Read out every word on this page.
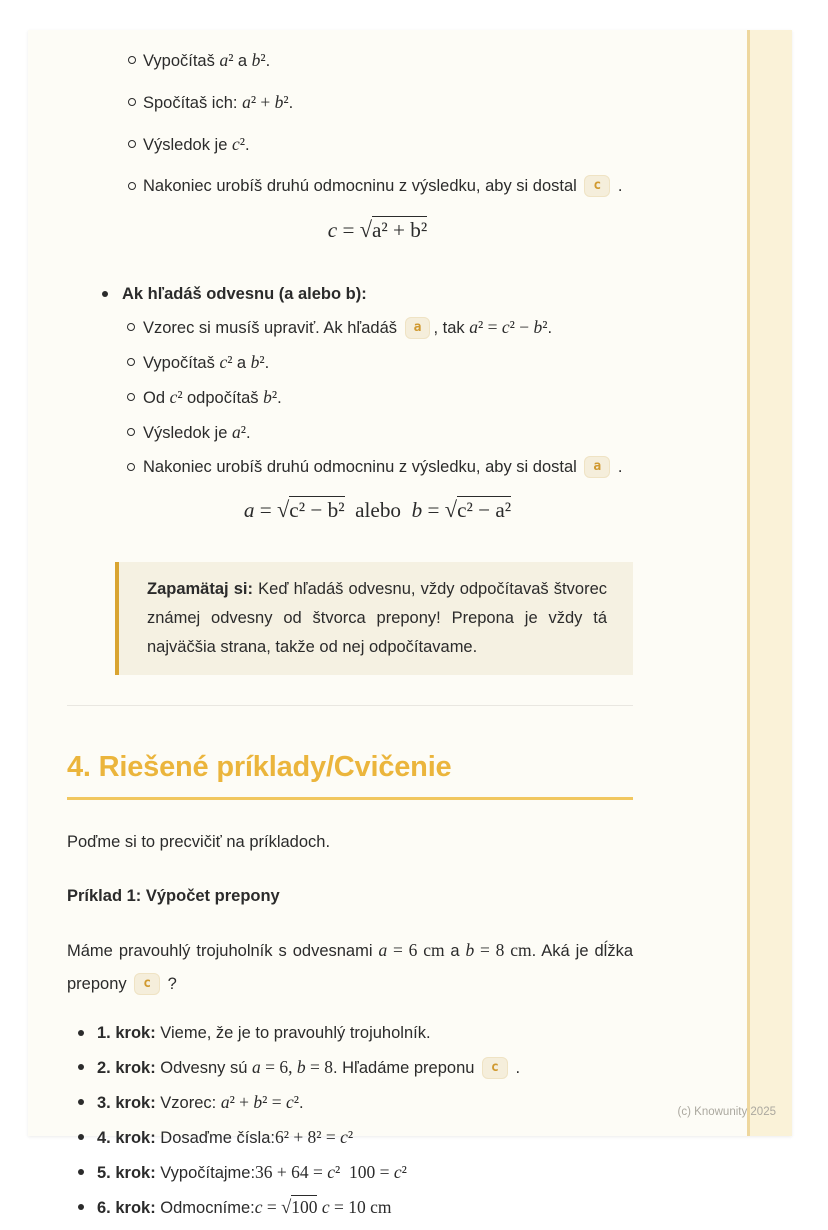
Vypočítaš a² a b².
Spočítaš ich: a² + b².
Výsledok je c².
Nakoniec urobíš druhú odmocninu z výsledku, aby si dostal c .
c = √a² + b²
Ak hľadáš odvesnu (a alebo b):
Vzorec si musíš upraviť. Ak hľadáš a , tak a² = c² − b².
Vypočítaš c² a b².
Od c² odpočítaš b².
Výsledok je a².
Nakoniec urobíš druhú odmocninu z výsledku, aby si dostal a .
a = √c² − b²  alebo  b = √c² − a²
Zapamätaj si: Keď hľadáš odvesnu, vždy odpočítavaš štvorec známej odvesny od štvorca prepony! Prepona je vždy tá najväčšia strana, takže od nej odpočítavame.
4. Riešené príklady/Cvičenie

Poďme si to precvičiť na príkladoch.

Príklad 1: Výpočet prepony

Máme pravouhlý trojuholník s odvesnami a = 6 cm a b = 8 cm. Aká je dĺžka prepony c ?

1. krok: Vieme, že je to pravouhlý trojuholník.
2. krok: Odvesny sú a = 6, b = 8. Hľadáme preponu c .
3. krok: Vzorec: a² + b² = c².
4. krok: Dosaďme čísla:6² + 8² = c²
5. krok: Vypočítajme:36 + 64 = c²  100 = c²
6. krok: Odmocníme:c = √100 c = 10 cm
(c) Knowunity 2025
